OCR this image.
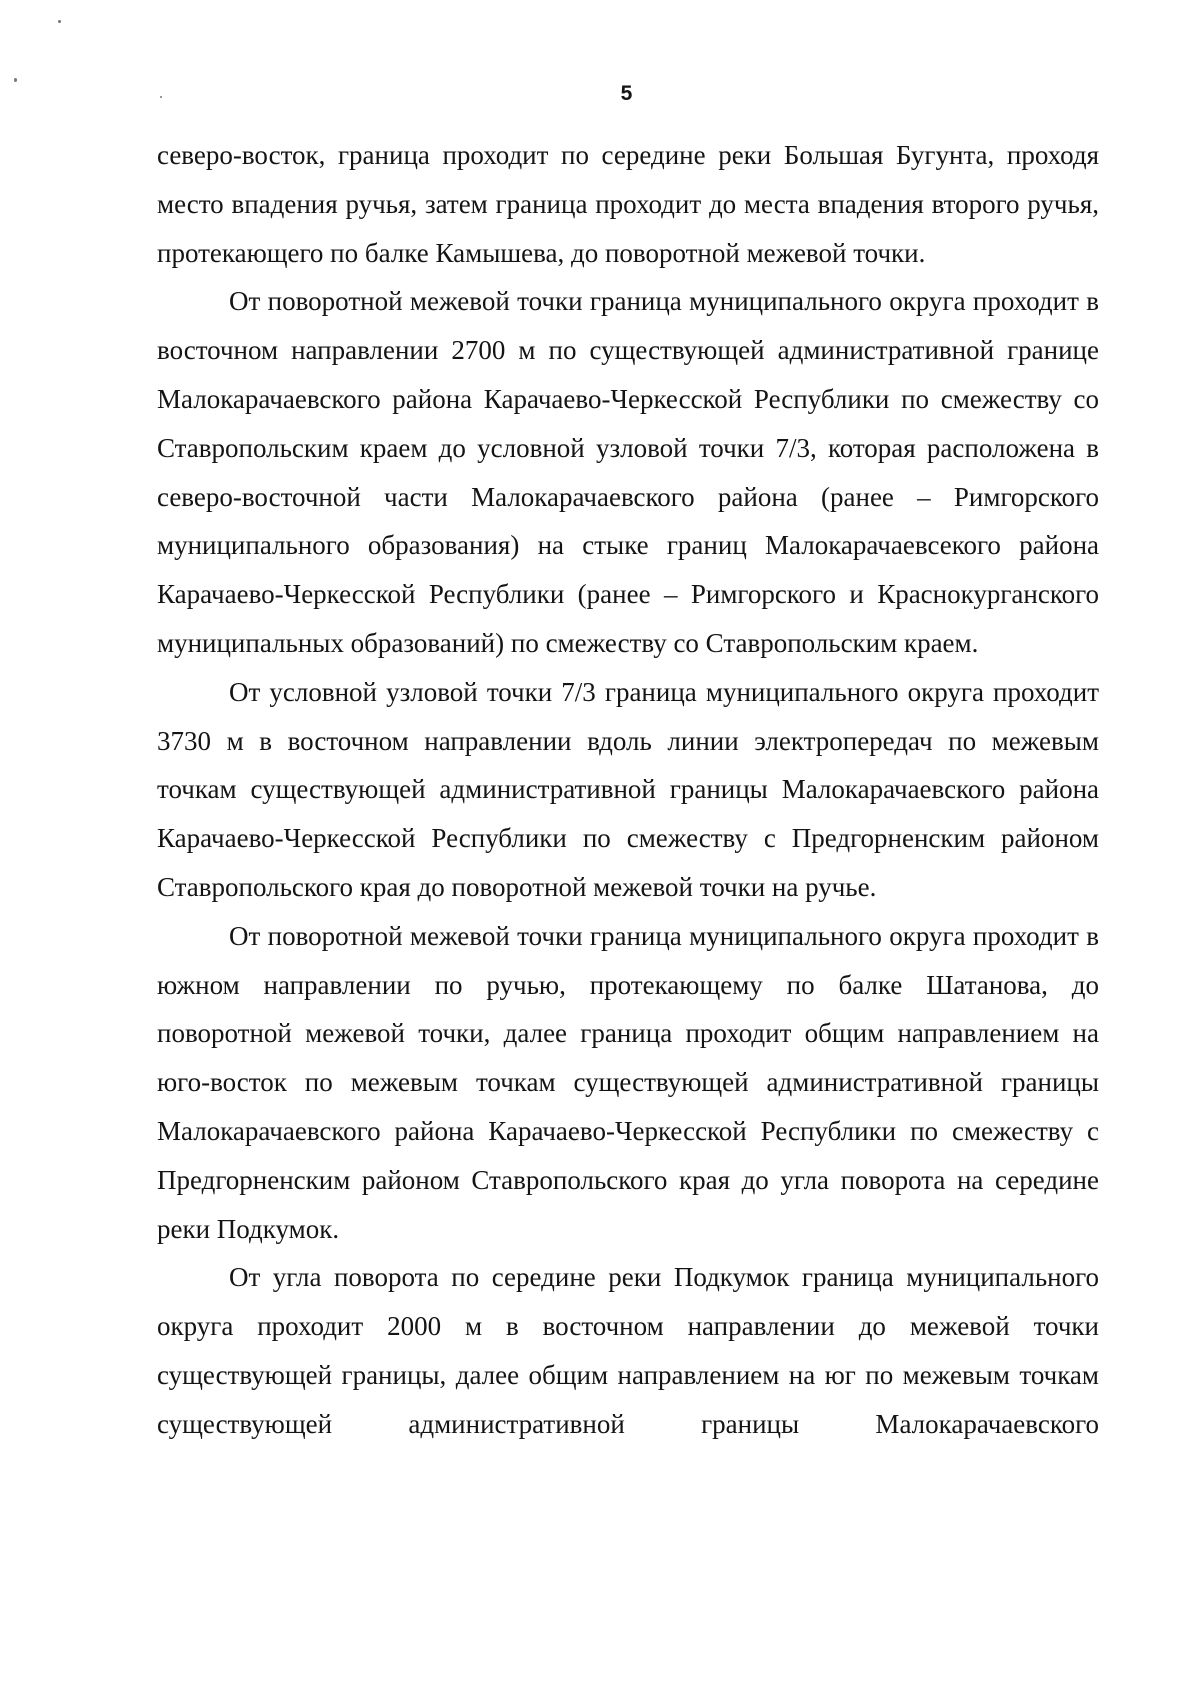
5

северо-восток, граница проходит по середине реки Большая Бугунта, проходя место впадения ручья, затем граница проходит до места впадения второго ручья, протекающего по балке Камышева, до поворотной межевой точки.

От поворотной межевой точки граница муниципального округа проходит в восточном направлении 2700 м по существующей административной границе Малокарачаевского района Карачаево-Черкесской Республики по смежеству со Ставропольским краем до условной узловой точки 7/3, которая расположена в северо-восточной части Малокарачаевского района (ранее – Римгорского муниципального образования) на стыке границ Малокарачаевсекого района Карачаево-Черкесской Республики (ранее – Римгорского и Краснокурганского муниципальных образований) по смежеству со Ставропольским краем.

От условной узловой точки 7/3 граница муниципального округа проходит 3730 м в восточном направлении вдоль линии электропередач по межевым точкам существующей административной границы Малокарачаевского района Карачаево-Черкесской Республики по смежеству с Предгорненским районом Ставропольского края до поворотной межевой точки на ручье.

От поворотной межевой точки граница муниципального округа проходит в южном направлении по ручью, протекающему по балке Шатанова, до поворотной межевой точки, далее граница проходит общим направлением на юго-восток по межевым точкам существующей административной границы Малокарачаевского района Карачаево-Черкесской Республики по смежеству с Предгорненским районом Ставропольского края до угла поворота на середине реки Подкумок.

От угла поворота по середине реки Подкумок граница муниципального округа проходит 2000 м в восточном направлении до межевой точки существующей границы, далее общим направлением на юг по межевым точкам существующей административной границы Малокарачаевского
